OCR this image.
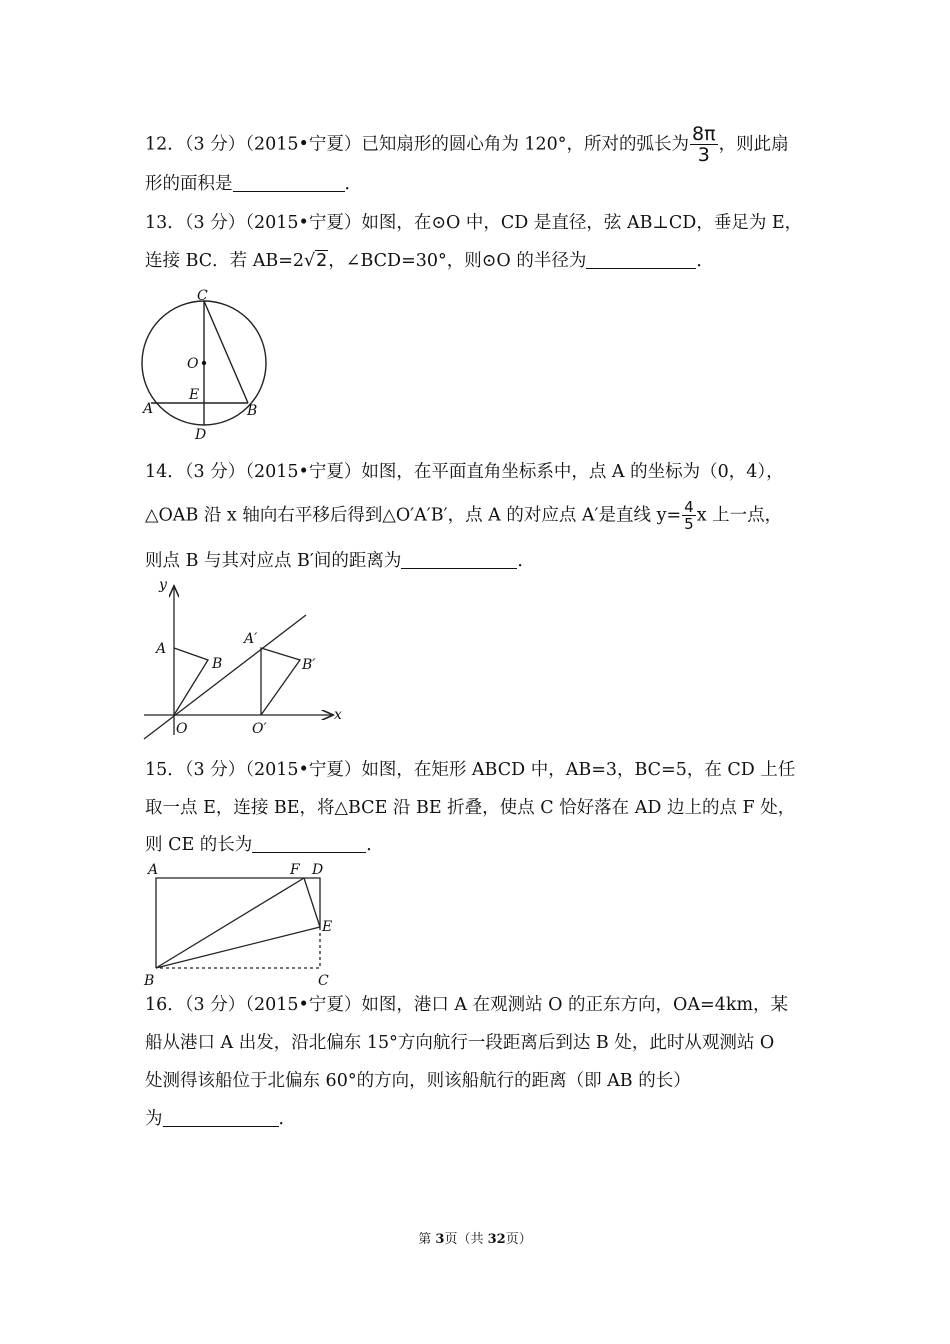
12．（3 分）（2015•宁夏）已知扇形的圆心角为 120°，所对的弧长为 $\frac{8\pi}{3}$ ，则此扇
形的面积是	．
13．（3 分）（2015•宁夏）如图，在⊙O 中，CD 是直径，弦 AB⊥CD，垂足为 E，
连接 BC．若 AB=2√2，∠BCD=30°，则⊙O 的半径为	．
C
O
E
A	B
D
14．（3 分）（2015•宁夏）如图，在平面直角坐标系中，点 A 的坐标为（0，4），
△OAB 沿 x 轴向右平移后得到△O′A′B′，点 A 的对应点 A′是直线 $y= \frac{4}{5}$ x 上一点，
则点 B 与其对应点 B′间的距离为	．
y
x
A
B
O
A′
B′
O′
15．（3 分）（2015•宁夏）如图，在矩形 ABCD 中，AB=3，BC=5，在 CD 上任
取一点 E，连接 BE，将△BCE 沿 BE 折叠，使点 C 恰好落在 AD 边上的点 F 处，
则 CE 的长为	．
A	F D
E
B	C
16．（3 分）（2015•宁夏）如图，港口 A 在观测站 O 的正东方向，OA=4km，某
船从港口 A 出发，沿北偏东 15°方向航行一段距离后到达 B 处，此时从观测站 O
处测得该船位于北偏东 60°的方向，则该船航行的距离（即 AB 的长）
为	．
第 3页（共 32页）
